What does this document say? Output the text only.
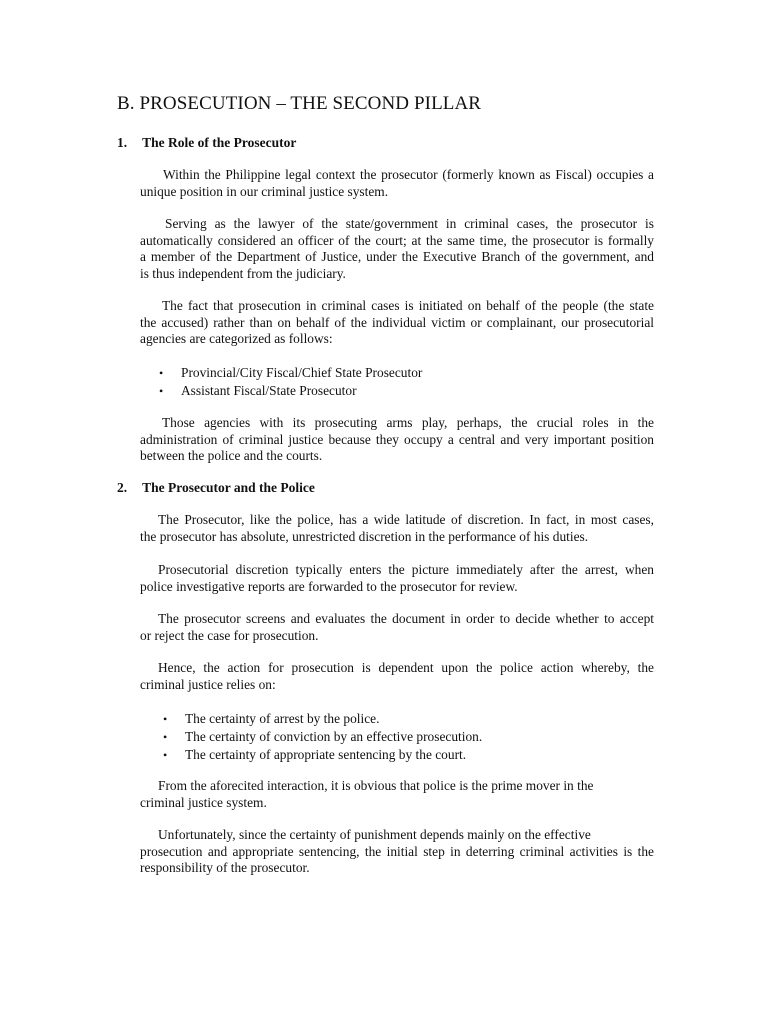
B. PROSECUTION – THE SECOND PILLAR
1. The Role of the Prosecutor
Within the Philippine legal context the prosecutor (formerly known as Fiscal) occupies a
unique position in our criminal justice system.
Serving as the lawyer of the state/government in criminal cases, the prosecutor is
automatically considered an officer of the court; at the same time, the prosecutor is formally
a member of the Department of Justice, under the Executive Branch of the government, and
is thus independent from the judiciary.
The fact that prosecution in criminal cases is initiated on behalf of the people (the state
the accused) rather than on behalf of the individual victim or complainant, our prosecutorial
agencies are categorized as follows:
• Provincial/City Fiscal/Chief State Prosecutor
• Assistant Fiscal/State Prosecutor
Those agencies with its prosecuting arms play, perhaps, the crucial roles in the
administration of criminal justice because they occupy a central and very important position
between the police and the courts.
2. The Prosecutor and the Police
The Prosecutor, like the police, has a wide latitude of discretion. In fact, in most cases,
the prosecutor has absolute, unrestricted discretion in the performance of his duties.
Prosecutorial discretion typically enters the picture immediately after the arrest, when
police investigative reports are forwarded to the prosecutor for review.
The prosecutor screens and evaluates the document in order to decide whether to accept
or reject the case for prosecution.
Hence, the action for prosecution is dependent upon the police action whereby, the
criminal justice relies on:
• The certainty of arrest by the police.
• The certainty of conviction by an effective prosecution.
• The certainty of appropriate sentencing by the court.
From the aforecited interaction, it is obvious that police is the prime mover in the
criminal justice system.
Unfortunately, since the certainty of punishment depends mainly on the effective
prosecution and appropriate sentencing, the initial step in deterring criminal activities is the
responsibility of the prosecutor.
